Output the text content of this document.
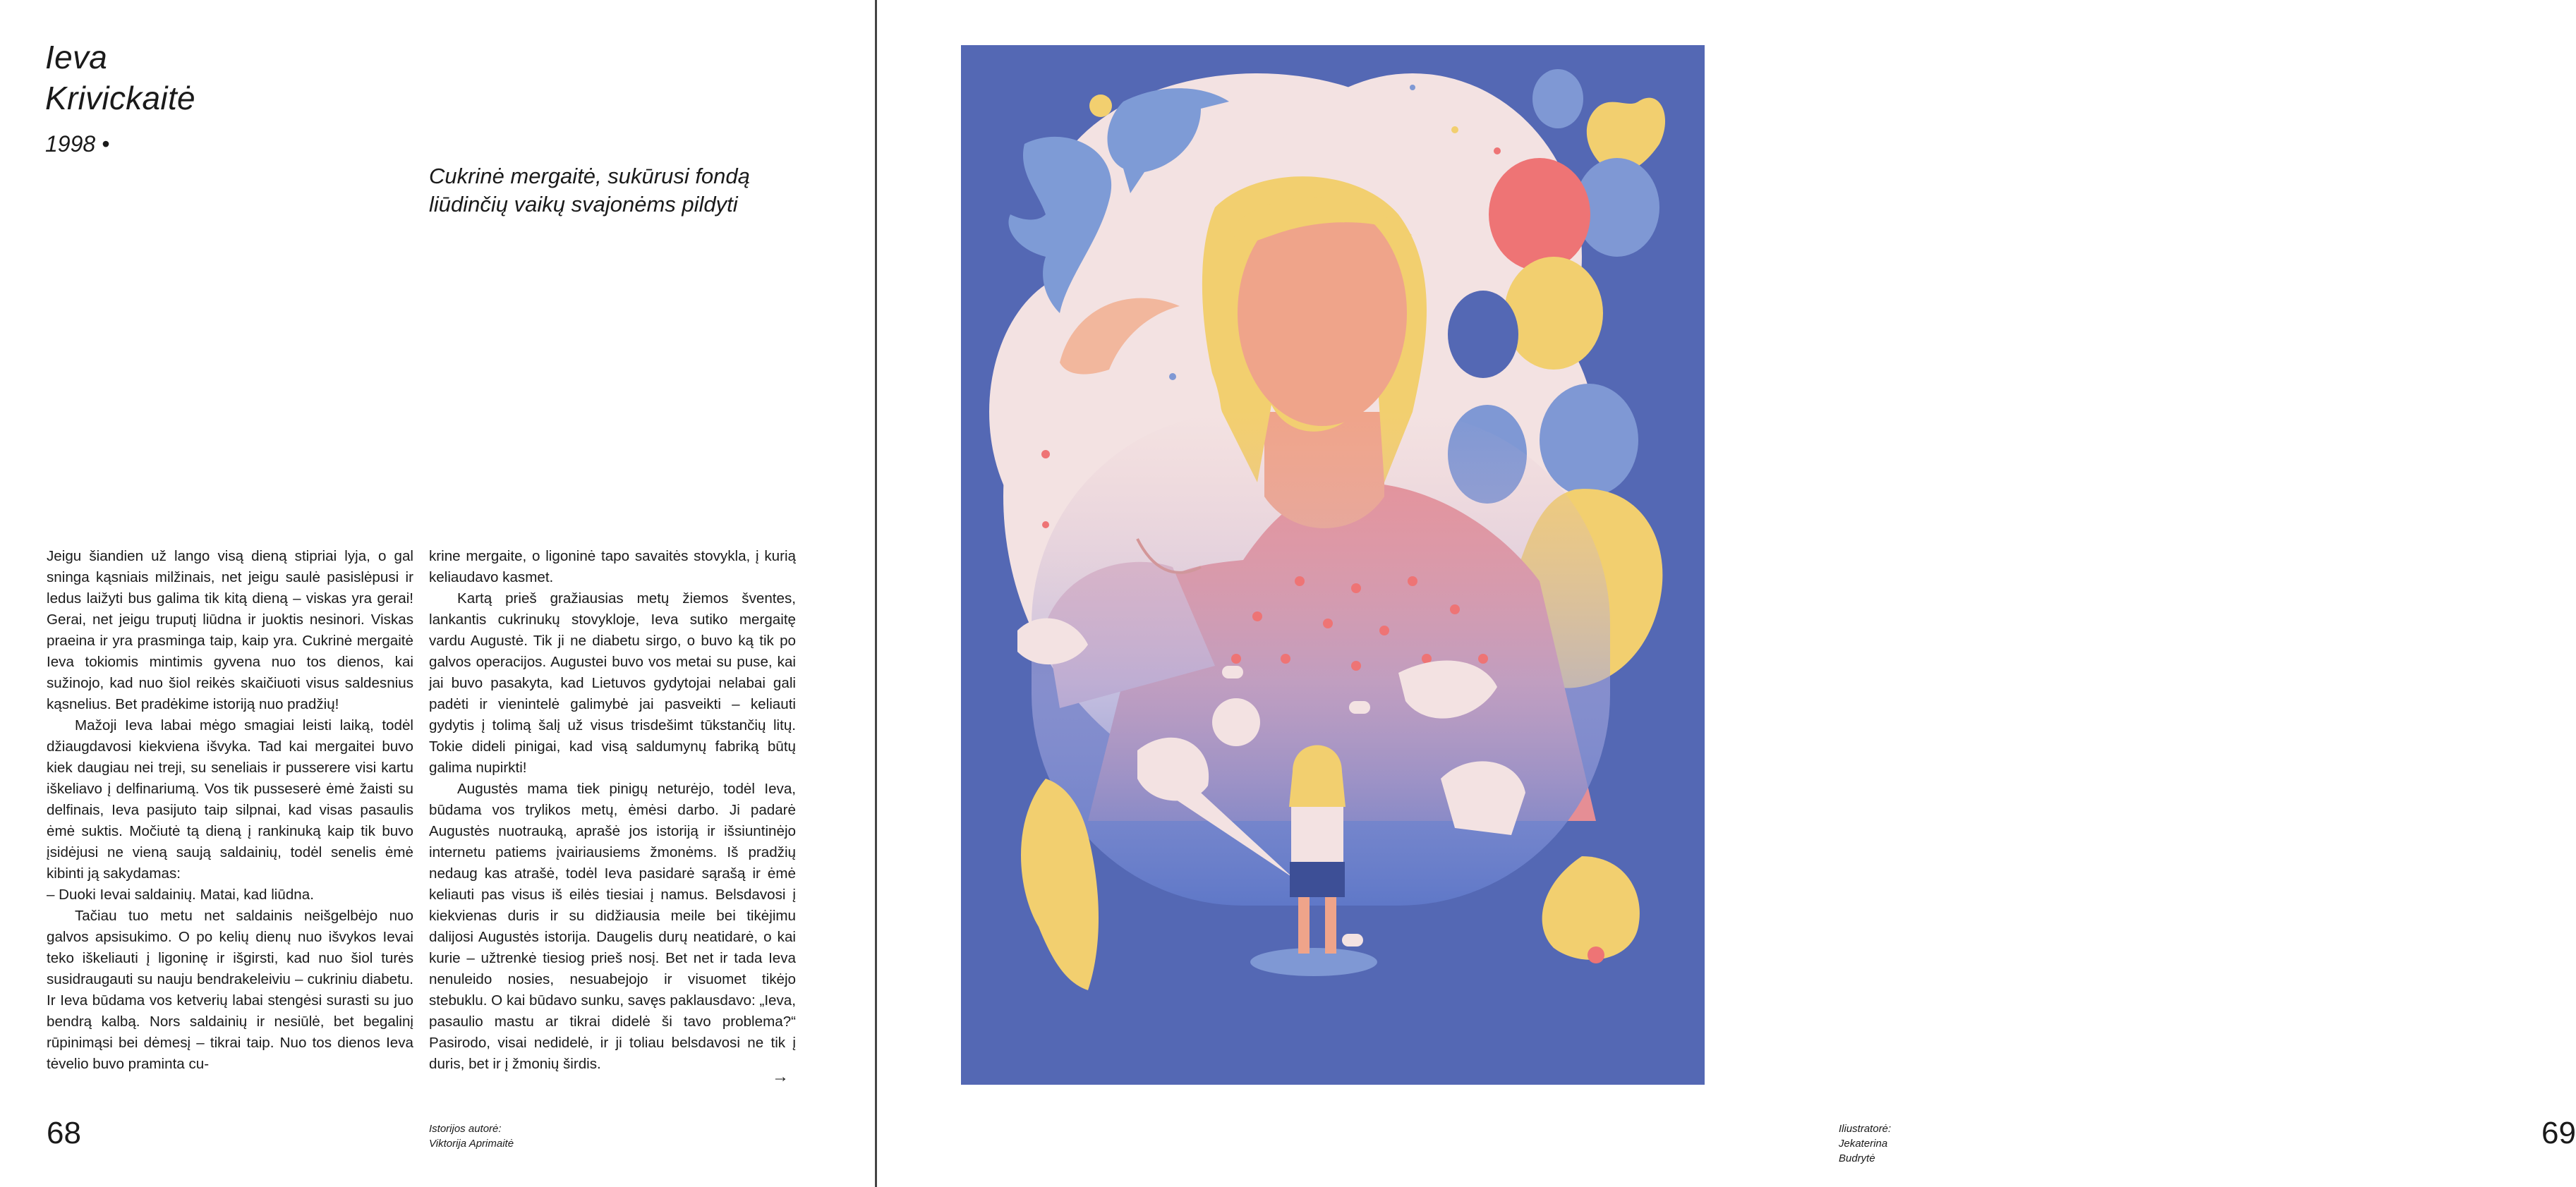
Ieva
Krivickaitė
1998 •
Cukrinė mergaitė, sukūrusi fondą
liūdinčių vaikų svajonėms pildyti

Jeigu šiandien už lango visą dieną stipriai lyja, o gal sninga kąsniais milžinais, net jeigu saulė pasislėpusi ir ledus laižyti bus galima tik kitą dieną – viskas yra gerai! Gerai, net jeigu truputį liūdna ir juoktis nesinori. Viskas praeina ir yra prasminga taip, kaip yra. Cukrinė mergaitė Ieva tokiomis mintimis gyvena nuo tos dienos, kai sužinojo, kad nuo šiol reikės skaičiuoti visus saldesnius kąsnelius. Bet pradėkime istoriją nuo pradžių!

Mažoji Ieva labai mėgo smagiai leisti laiką, todėl džiaugdavosi kiekviena išvyka. Tad kai mergaitei buvo kiek daugiau nei treji, su seneliais ir pusserere visi kartu iškeliavo į delfinariumą. Vos tik pusseserė ėmė žaisti su delfinais, Ieva pasijuto taip silpnai, kad visas pasaulis ėmė suktis. Močiutė tą dieną į rankinuką kaip tik buvo įsidėjusi ne vieną saują saldainių, todėl senelis ėmė kibinti ją sakydamas:

– Duoki Ievai saldainių. Matai, kad liūdna.

Tačiau tuo metu net saldainis neišgelbėjo nuo galvos apsisukimo. O po kelių dienų nuo išvykos Ievai teko iškeliauti į ligoninę ir išgirsti, kad nuo šiol turės susidraugauti su nauju bendrakeleiviu – cukriniu diabetu. Ir Ieva būdama vos ketverių labai stengėsi surasti su juo bendrą kalbą. Nors saldainių ir nesiūlė, bet begalinį rūpinimąsi bei dėmesį – tikrai taip. Nuo tos dienos Ieva tėvelio buvo praminta cu-

krine mergaite, o ligoninė tapo savaitės stovykla, į kurią keliaudavo kasmet.

Kartą prieš gražiausias metų žiemos šventes, lankantis cukrinukų stovykloje, Ieva sutiko mergaitę vardu Augustė. Tik ji ne diabetu sirgo, o buvo ką tik po galvos operacijos. Augustei buvo vos metai su puse, kai jai buvo pasakyta, kad Lietuvos gydytojai nelabai gali padėti ir vienintelė galimybė jai pasveikti – keliauti gydytis į tolimą šalį už visus trisdešimt tūkstančių litų. Tokie dideli pinigai, kad visą saldumynų fabriką būtų galima nupirkti!

Augustės mama tiek pinigų neturėjo, todėl Ieva, būdama vos trylikos metų, ėmėsi darbo. Ji padarė Augustės nuotrauką, aprašė jos istoriją ir išsiuntinėjo internetu patiems įvairiausiems žmonėms. Iš pradžių nedaug kas atrašė, todėl Ieva pasidarė sąrašą ir ėmė keliauti pas visus iš eilės tiesiai į namus. Belsdavosi į kiekvienas duris ir su didžiausia meile bei tikėjimu dalijosi Augustės istorija. Daugelis durų neatidarė, o kai kurie – užtrenkė tiesiog prieš nosį. Bet net ir tada Ieva nenuleido nosies, nesuabejojo ir visuomet tikėjo stebuklu. O kai būdavo sunku, savęs paklausdavo: „Ieva, pasaulio mastu ar tikrai didelė ši tavo problema?“ Pasirodo, visai nedidelė, ir ji toliau belsdavosi ne tik į duris, bet ir į žmonių širdis.

→
68	Istorijos autorė:
Viktorija Aprimaitė	69
Iliustratorė:
Jekaterina Budrytė
